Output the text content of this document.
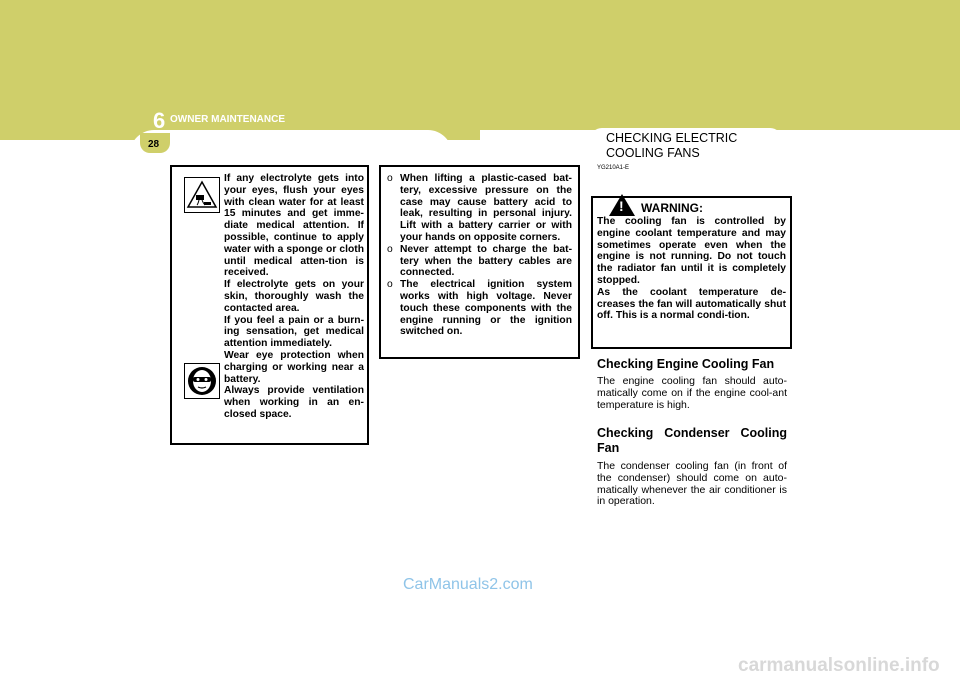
6 OWNER MAINTENANCE
28	CHECKING ELECTRIC COOLING FANS
YG210A1-E

If any electrolyte gets into your eyes, flush your eyes with clean water for at least 15 minutes and get imme-diate medical attention. If possible, continue to apply water with a sponge or cloth until medical atten-tion is received.

If electrolyte gets on your skin, thoroughly wash the contacted area.

If you feel a pain or a burn-ing sensation, get medical attention immediately.

Wear eye protection when charging or working near a battery.

Always provide ventilation when working in an en-closed space.

o When lifting a plastic-cased bat-tery, excessive pressure on the case may cause battery acid to leak, resulting in personal injury. Lift with a battery carrier or with your hands on opposite corners.
o Never attempt to charge the bat-tery when the battery cables are connected.
o The electrical ignition system works with high voltage. Never touch these components with the engine running or the ignition switched on.
! WARNING:

The cooling fan is controlled by engine coolant temperature and may sometimes operate even when the engine is not running. Do not touch the radiator fan until it is completely stopped.

As the coolant temperature de-creases the fan will automatically shut off. This is a normal condi-tion.

Checking Engine Cooling Fan
The engine cooling fan should auto-matically come on if the engine cool-ant temperature is high.
Checking Condenser Cooling Fan
The condenser cooling fan (in front of the condenser) should come on auto-matically whenever the air conditioner is in operation.
CarManuals2.com
carmanualsonline.info
